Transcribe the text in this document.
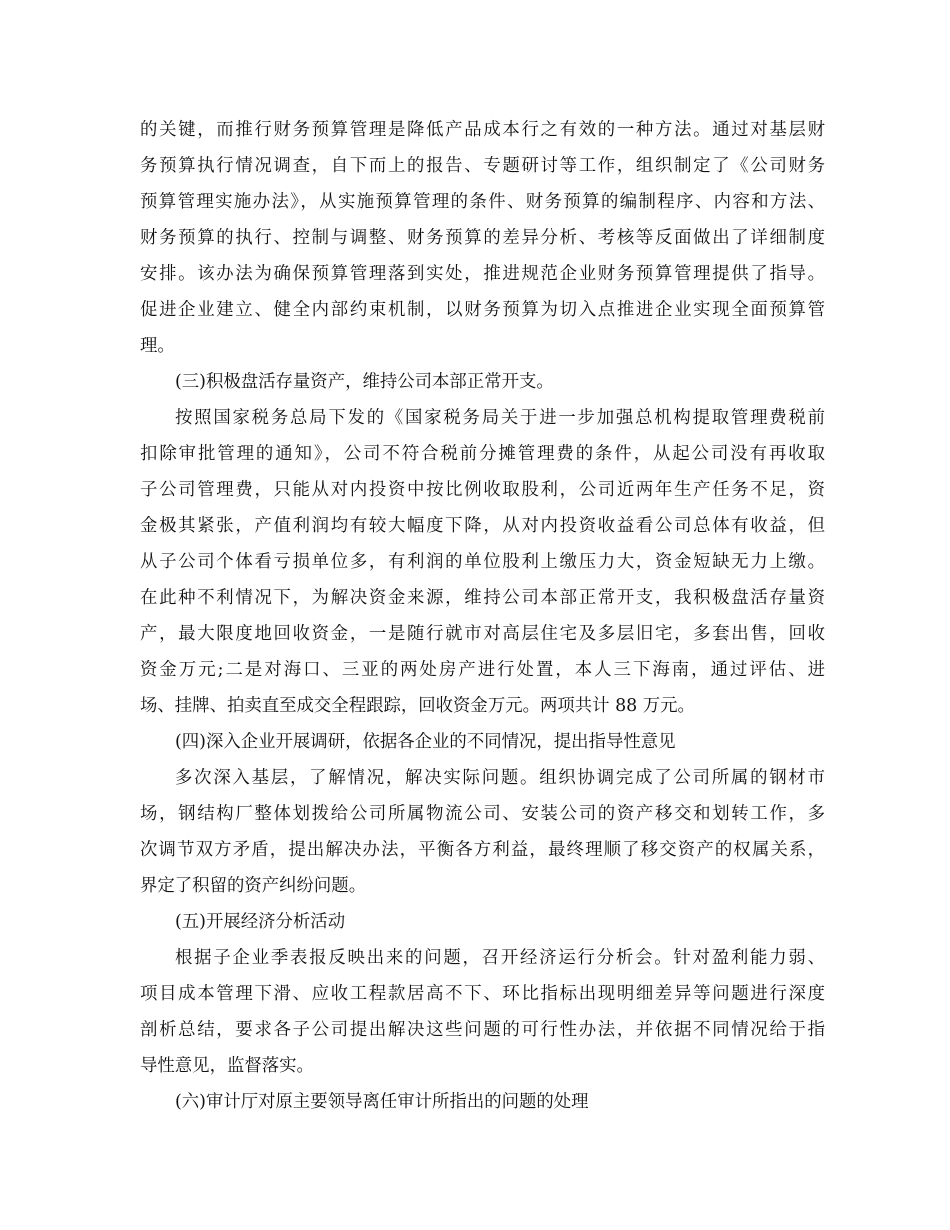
的关键，而推行财务预算管理是降低产品成本行之有效的一种方法。通过对基层财
务预算执行情况调查，自下而上的报告、专题研讨等工作，组织制定了《公司财务
预算管理实施办法》，从实施预算管理的条件、财务预算的编制程序、内容和方法、
财务预算的执行、控制与调整、财务预算的差异分析、考核等反面做出了详细制度
安排。该办法为确保预算管理落到实处，推进规范企业财务预算管理提供了指导。
促进企业建立、健全内部约束机制，以财务预算为切入点推进企业实现全面预算管
理。
(三)积极盘活存量资产，维持公司本部正常开支。
按照国家税务总局下发的《国家税务局关于进一步加强总机构提取管理费税前
扣除审批管理的通知》，公司不符合税前分摊管理费的条件，从起公司没有再收取
子公司管理费，只能从对内投资中按比例收取股利，公司近两年生产任务不足，资
金极其紧张，产值利润均有较大幅度下降，从对内投资收益看公司总体有收益，但
从子公司个体看亏损单位多，有利润的单位股利上缴压力大，资金短缺无力上缴。
在此种不利情况下，为解决资金来源，维持公司本部正常开支，我积极盘活存量资
产，最大限度地回收资金，一是随行就市对高层住宅及多层旧宅，多套出售，回收
资金万元;二是对海口、三亚的两处房产进行处置，本人三下海南，通过评估、进
场、挂牌、拍卖直至成交全程跟踪，回收资金万元。两项共计 88 万元。
(四)深入企业开展调研，依据各企业的不同情况，提出指导性意见
多次深入基层，了解情况，解决实际问题。组织协调完成了公司所属的钢材市
场，钢结构厂整体划拨给公司所属物流公司、安装公司的资产移交和划转工作，多
次调节双方矛盾，提出解决办法，平衡各方利益，最终理顺了移交资产的权属关系，
界定了积留的资产纠纷问题。
(五)开展经济分析活动
根据子企业季表报反映出来的问题，召开经济运行分析会。针对盈利能力弱、
项目成本管理下滑、应收工程款居高不下、环比指标出现明细差异等问题进行深度
剖析总结，要求各子公司提出解决这些问题的可行性办法，并依据不同情况给于指
导性意见，监督落实。
(六)审计厅对原主要领导离任审计所指出的问题的处理
